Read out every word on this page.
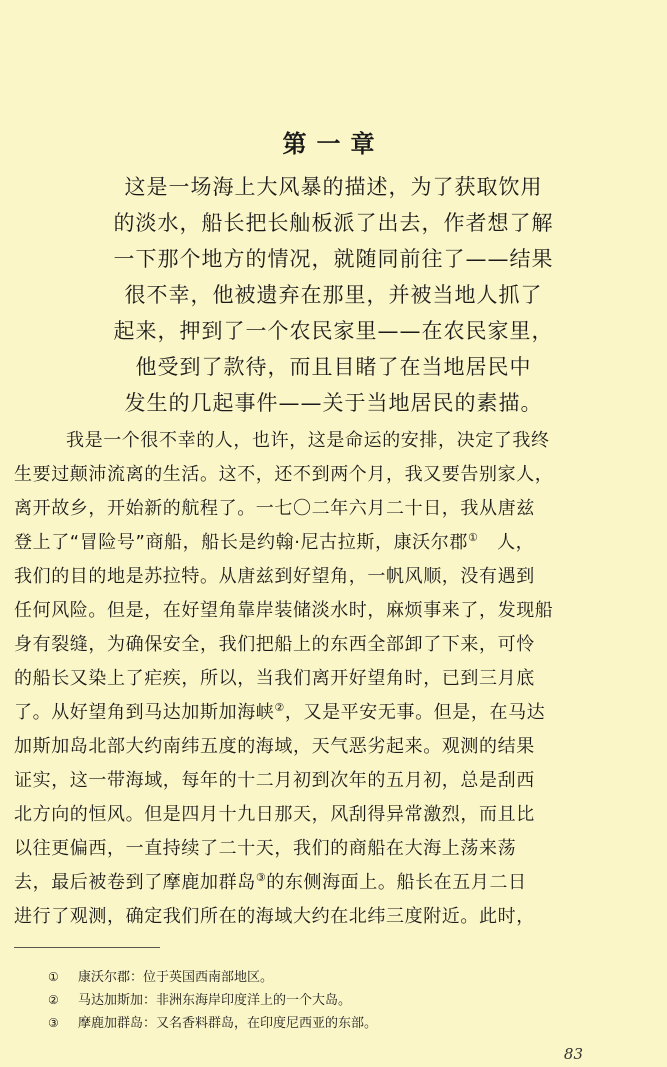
第一章
这是一场海上大风暴的描述，为了获取饮用
的淡水，船长把长舢板派了出去，作者想了解
一下那个地方的情况，就随同前往了——结果
很不幸，他被遗弃在那里，并被当地人抓了
起来，押到了一个农民家里——在农民家里，
他受到了款待，而且目睹了在当地居民中
发生的几起事件——关于当地居民的素描。
我是一个很不幸的人，也许，这是命运的安排，决定了我终
生要过颠沛流离的生活。这不，还不到两个月，我又要告别家人，
离开故乡，开始新的航程了。一七〇二年六月二十日，我从唐兹
登上了“冒险号”商船，船长是约翰·尼古拉斯，康沃尔郡①　 人，
我们的目的地是苏拉特。从唐兹到好望角，一帆风顺，没有遇到
任何风险。但是，在好望角靠岸装储淡水时，麻烦事来了，发现船
身有裂缝，为确保安全，我们把船上的东西全部卸了下来，可怜
的船长又染上了疟疾，所以，当我们离开好望角时，已到三月底
了。从好望角到马达加斯加海峡②，又是平安无事。但是，在马达
加斯加岛北部大约南纬五度的海域，天气恶劣起来。观测的结果
证实，这一带海域，每年的十二月初到次年的五月初，总是刮西
北方向的恒风。但是四月十九日那天，风刮得异常激烈，而且比
以往更偏西，一直持续了二十天，我们的商船在大海上荡来荡
去，最后被卷到了摩鹿加群岛③的东侧海面上。船长在五月二日
进行了观测，确定我们所在的海域大约在北纬三度附近。此时，
① 康沃尔郡：位于英国西南部地区。
② 马达加斯加：非洲东海岸印度洋上的一个大岛。
③ 摩鹿加群岛：又名香料群岛，在印度尼西亚的东部。
83
